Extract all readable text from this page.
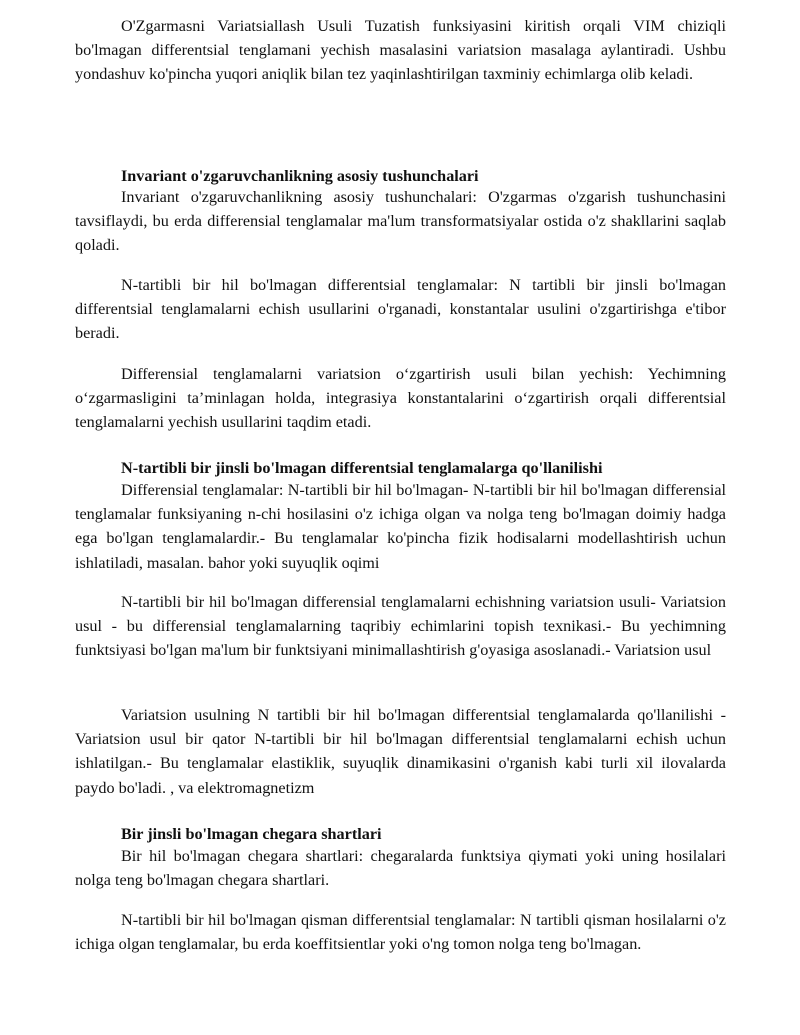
O'Zgarmasni Variatsiallash Usuli Tuzatish funksiyasini kiritish orqali VIM chiziqli bo'lmagan differentsial tenglamani yechish masalasini variatsion masalaga aylantiradi. Ushbu yondashuv ko'pincha yuqori aniqlik bilan tez yaqinlashtirilgan taxminiy echimlarga olib keladi.

Invariant o'zgaruvchanlikning asosiy tushunchalari

Invariant o'zgaruvchanlikning asosiy tushunchalari: O'zgarmas o'zgarish tushunchasini tavsiflaydi, bu erda differensial tenglamalar ma'lum transformatsiyalar ostida o'z shakllarini saqlab qoladi.

N-tartibli bir hil bo'lmagan differentsial tenglamalar: N tartibli bir jinsli bo'lmagan differentsial tenglamalarni echish usullarini o'rganadi, konstantalar usulini o'zgartirishga e'tibor beradi.

Differensial tenglamalarni variatsion o‘zgartirish usuli bilan yechish: Yechimning o‘zgarmasligini ta’minlagan holda, integrasiya konstantalarini o‘zgartirish orqali differentsial tenglamalarni yechish usullarini taqdim etadi.

N-tartibli bir jinsli bo'lmagan differentsial tenglamalarga qo'llanilishi

Differensial tenglamalar: N-tartibli bir hil bo'lmagan- N-tartibli bir hil bo'lmagan differensial tenglamalar funksiyaning n-chi hosilasini o'z ichiga olgan va nolga teng bo'lmagan doimiy hadga ega bo'lgan tenglamalardir.- Bu tenglamalar ko'pincha fizik hodisalarni modellashtirish uchun ishlatiladi, masalan. bahor yoki suyuqlik oqimi

N-tartibli bir hil bo'lmagan differensial tenglamalarni echishning variatsion usuli- Variatsion usul - bu differensial tenglamalarning taqribiy echimlarini topish texnikasi.- Bu yechimning funktsiyasi bo'lgan ma'lum bir funktsiyani minimallashtirish g'oyasiga asoslanadi.- Variatsion usul

Variatsion usulning N tartibli bir hil bo'lmagan differentsial tenglamalarda qo'llanilishi - Variatsion usul bir qator N-tartibli bir hil bo'lmagan differentsial tenglamalarni echish uchun ishlatilgan.- Bu tenglamalar elastiklik, suyuqlik dinamikasini o'rganish kabi turli xil ilovalarda paydo bo'ladi. , va elektromagnetizm

Bir jinsli bo'lmagan chegara shartlari

Bir hil bo'lmagan chegara shartlari: chegaralarda funktsiya qiymati yoki uning hosilalari nolga teng bo'lmagan chegara shartlari.

N-tartibli bir hil bo'lmagan qisman differentsial tenglamalar: N tartibli qisman hosilalarni o'z ichiga olgan tenglamalar, bu erda koeffitsientlar yoki o'ng tomon nolga teng bo'lmagan.
